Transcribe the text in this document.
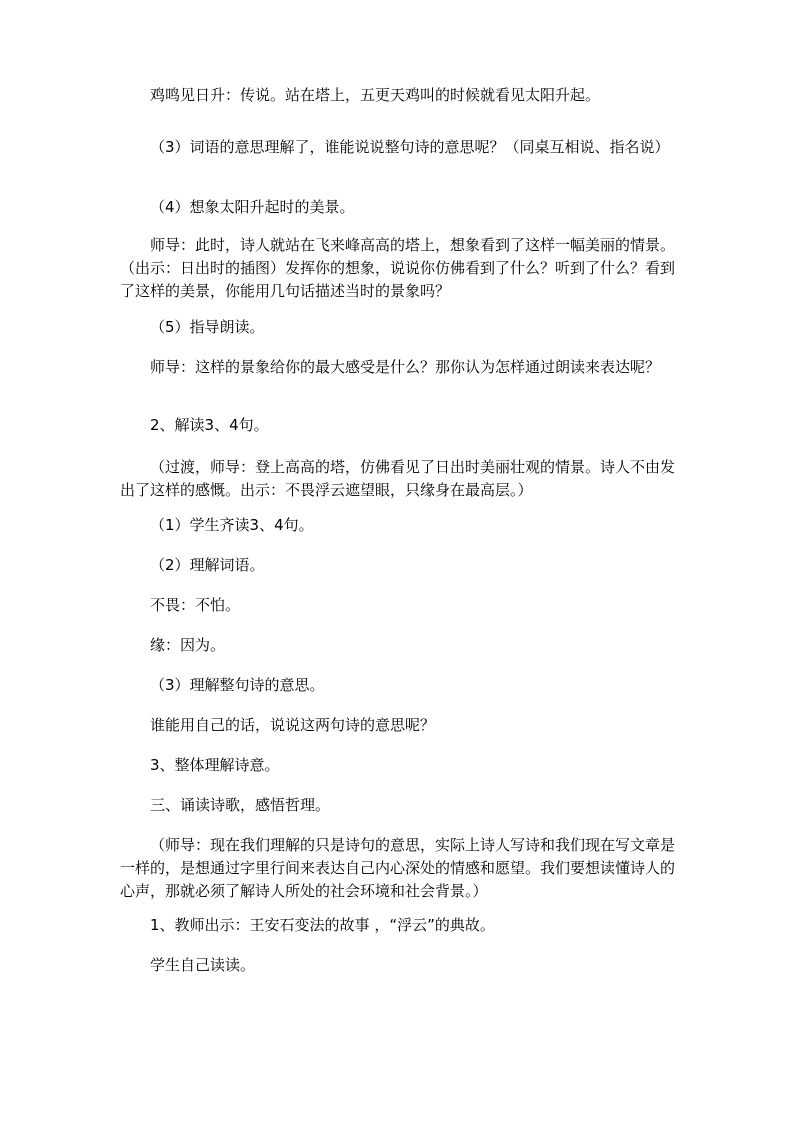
鸡鸣见日升：传说。站在塔上，五更天鸡叫的时候就看见太阳升起。

（3）词语的意思理解了，谁能说说整句诗的意思呢？（同桌互相说、指名说）

（4）想象太阳升起时的美景。

师导：此时，诗人就站在飞来峰高高的塔上，想象看到了这样一幅美丽的情景。（出示：日出时的插图）发挥你的想象，说说你仿佛看到了什么？听到了什么？看到了这样的美景，你能用几句话描述当时的景象吗？

（5）指导朗读。

师导：这样的景象给你的最大感受是什么？那你认为怎样通过朗读来表达呢？

2、解读3、4句。

（过渡，师导：登上高高的塔，仿佛看见了日出时美丽壮观的情景。诗人不由发出了这样的感慨。出示：不畏浮云遮望眼，只缘身在最高层。）

（1）学生齐读3、4句。

（2）理解词语。

不畏：不怕。

缘：因为。

（3）理解整句诗的意思。

谁能用自己的话，说说这两句诗的意思呢？

3、整体理解诗意。

三、诵读诗歌，感悟哲理。

（师导：现在我们理解的只是诗句的意思，实际上诗人写诗和我们现在写文章是一样的，是想通过字里行间来表达自己内心深处的情感和愿望。我们要想读懂诗人的心声，那就必须了解诗人所处的社会环境和社会背景。）

1、教师出示：王安石变法的故事 ，“浮云”的典故。

学生自己读读。
